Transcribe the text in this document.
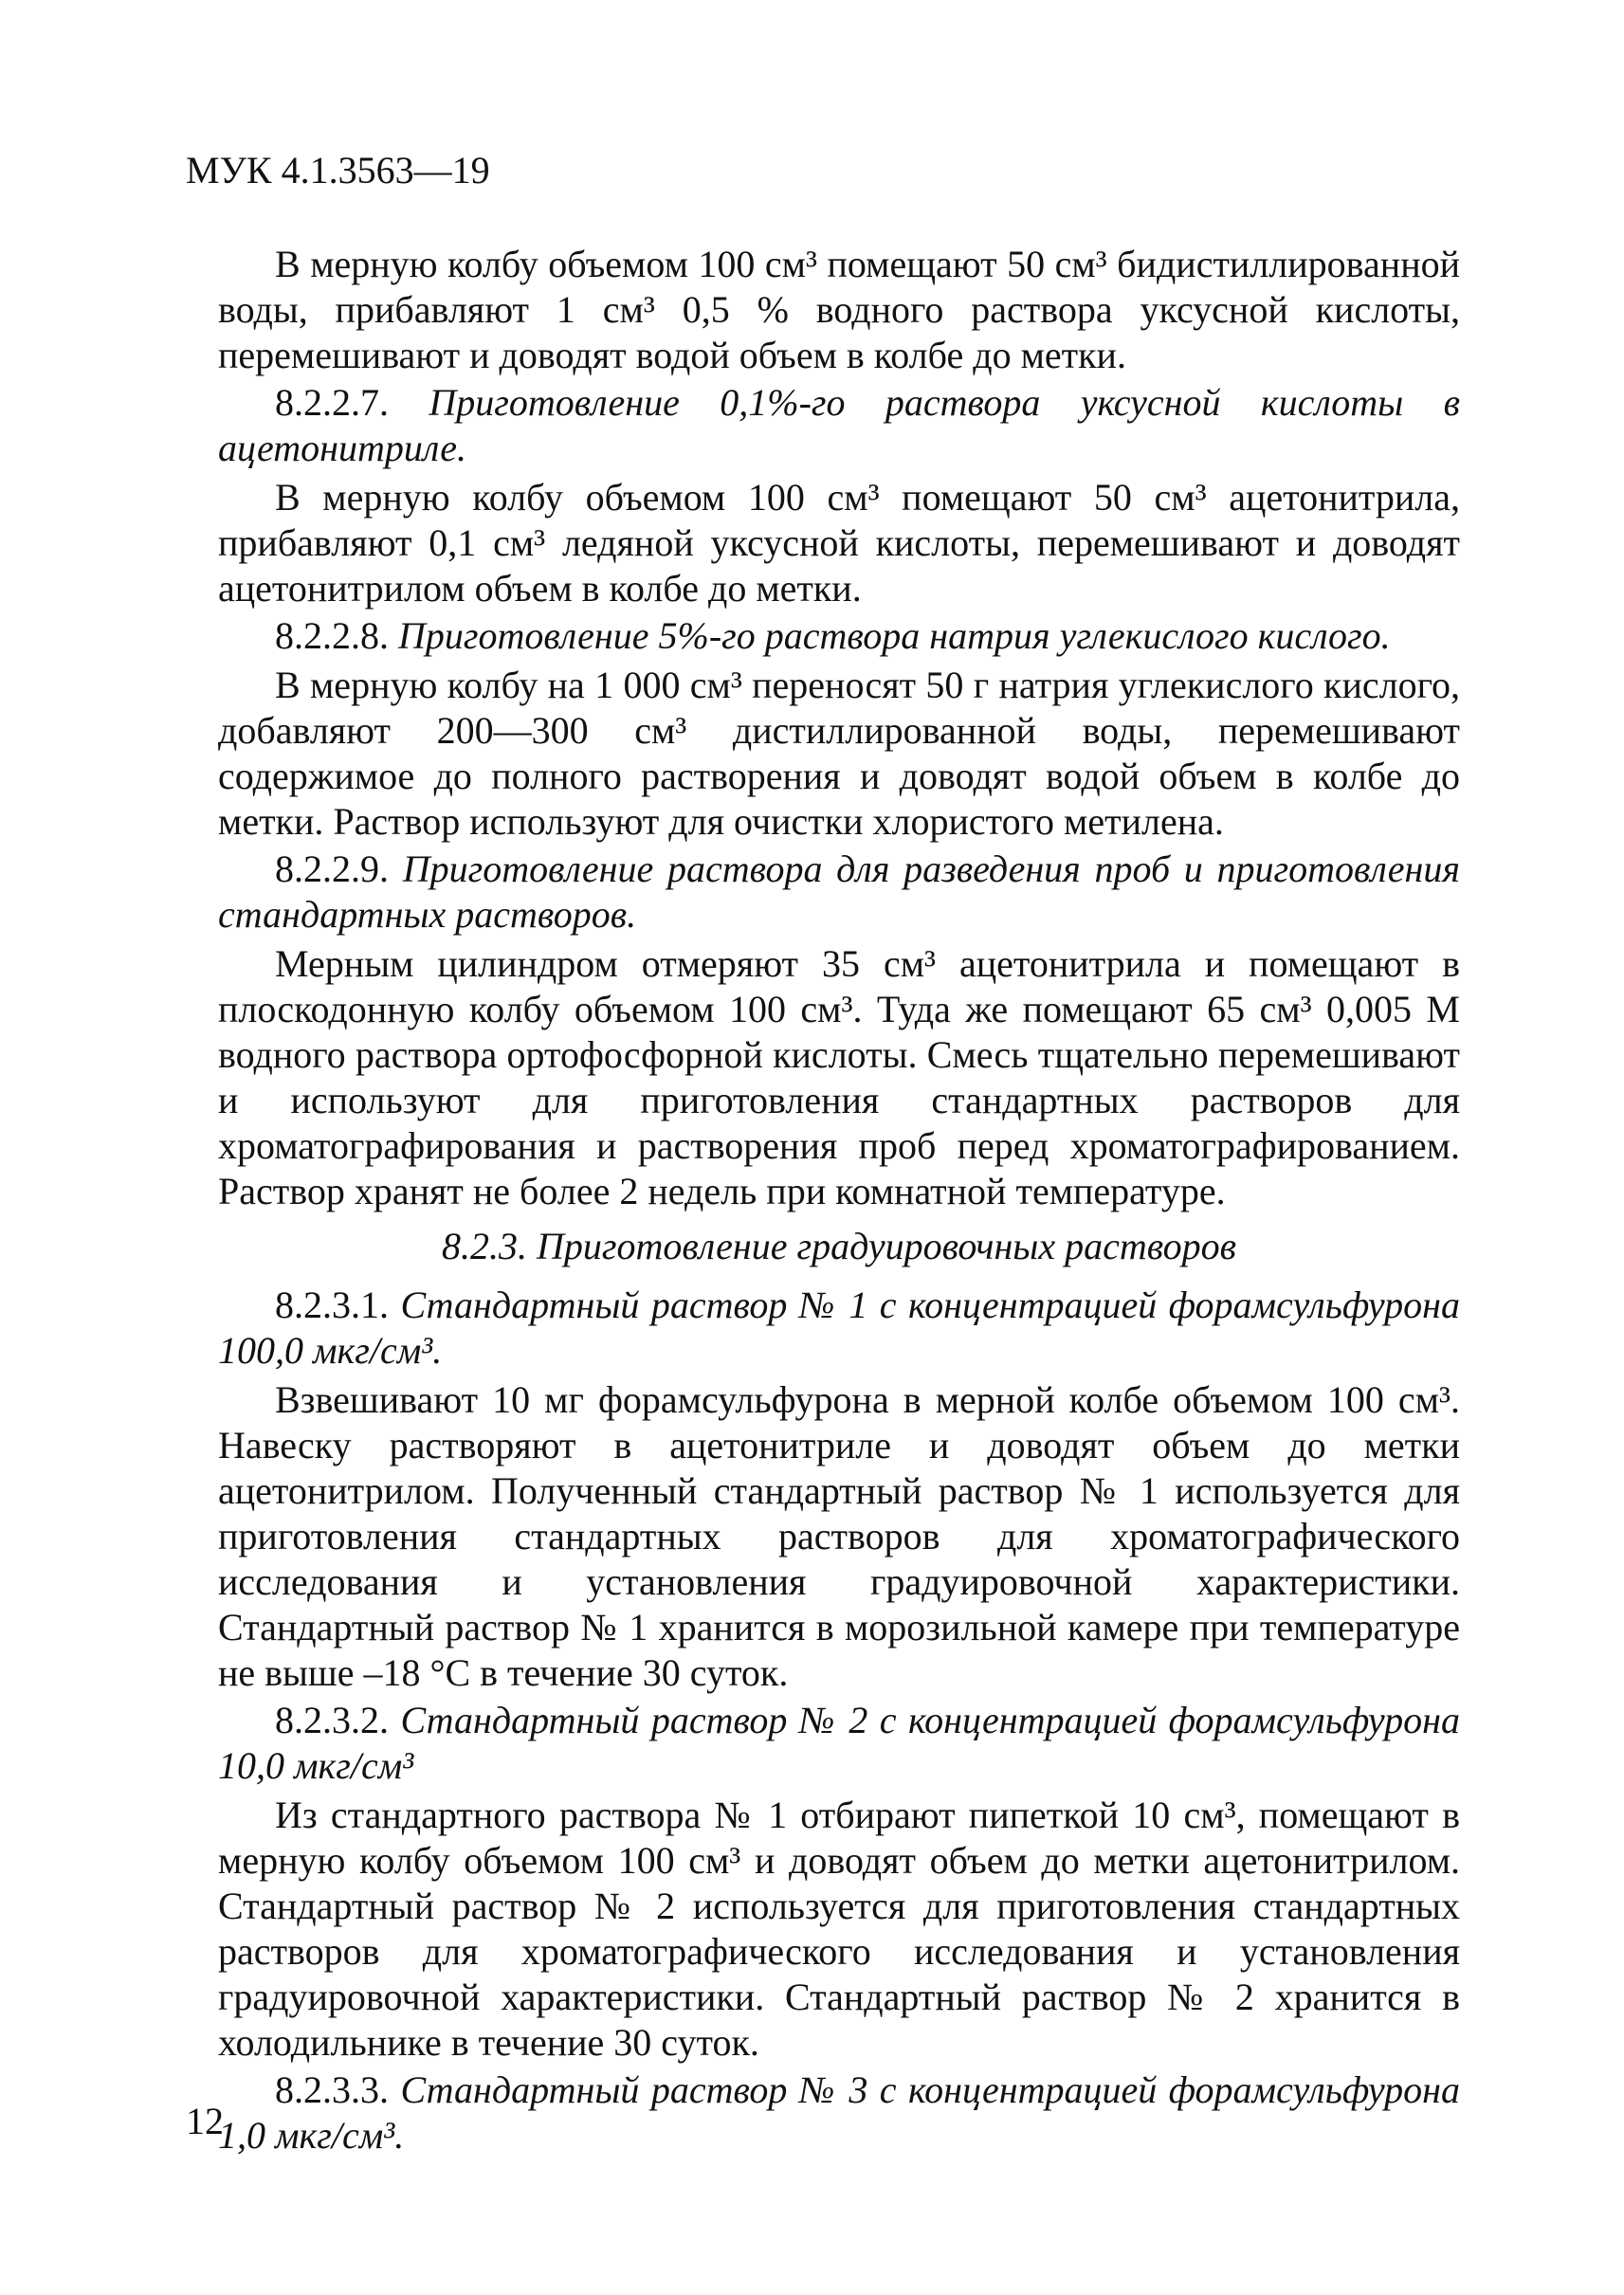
МУК 4.1.3563—19

В мерную колбу объемом 100 см³ помещают 50 см³ бидистиллированной воды, прибавляют 1 см³ 0,5 % водного раствора уксусной кислоты, перемешивают и доводят водой объем в колбе до метки.

8.2.2.7. Приготовление 0,1%-го раствора уксусной кислоты в ацетонитриле.

В мерную колбу объемом 100 см³ помещают 50 см³ ацетонитрила, прибавляют 0,1 см³ ледяной уксусной кислоты, перемешивают и доводят ацетонитрилом объем в колбе до метки.

8.2.2.8. Приготовление 5%-го раствора натрия углекислого кислого.

В мерную колбу на 1 000 см³ переносят 50 г натрия углекислого кислого, добавляют 200—300 см³ дистиллированной воды, перемешивают содержимое до полного растворения и доводят водой объем в колбе до метки. Раствор используют для очистки хлористого метилена.

8.2.2.9. Приготовление раствора для разведения проб и приготовления стандартных растворов.

Мерным цилиндром отмеряют 35 см³ ацетонитрила и помещают в плоскодонную колбу объемом 100 см³. Туда же помещают 65 см³ 0,005 М водного раствора ортофосфорной кислоты. Смесь тщательно перемешивают и используют для приготовления стандартных растворов для хроматографирования и растворения проб перед хроматографированием. Раствор хранят не более 2 недель при комнатной температуре.

8.2.3. Приготовление градуировочных растворов

8.2.3.1. Стандартный раствор № 1 с концентрацией форамсульфурона 100,0 мкг/см³.

Взвешивают 10 мг форамсульфурона в мерной колбе объемом 100 см³. Навеску растворяют в ацетонитриле и доводят объем до метки ацетонитрилом. Полученный стандартный раствор № 1 используется для приготовления стандартных растворов для хроматографического исследования и установления градуировочной характеристики. Стандартный раствор № 1 хранится в морозильной камере при температуре не выше –18 °С в течение 30 суток.

8.2.3.2. Стандартный раствор № 2 с концентрацией форамсульфурона 10,0 мкг/см³

Из стандартного раствора № 1 отбирают пипеткой 10 см³, помещают в мерную колбу объемом 100 см³ и доводят объем до метки ацетонитрилом. Стандартный раствор № 2 используется для приготовления стандартных растворов для хроматографического исследования и установления градуировочной характеристики. Стандартный раствор № 2 хранится в холодильнике в течение 30 суток.

8.2.3.3. Стандартный раствор № 3 с концентрацией форамсульфурона 1,0 мкг/см³.

12
